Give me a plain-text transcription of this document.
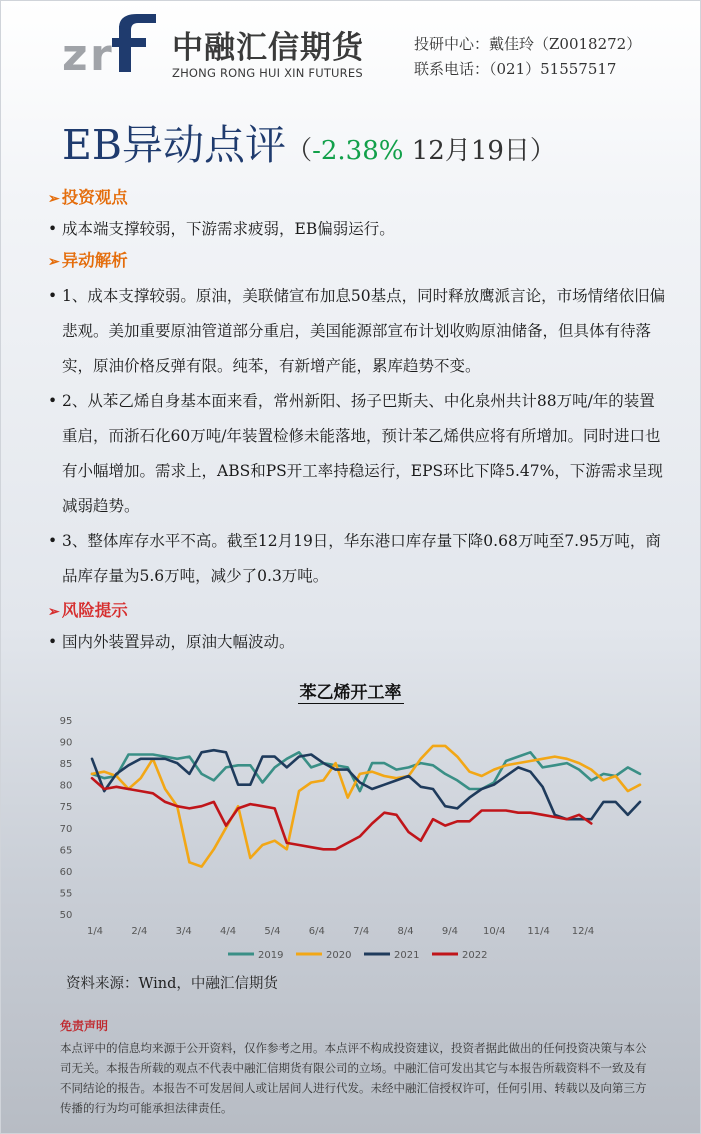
z r 中融汇信期货
ZHONG RONG HUI XIN FUTURES
投研中心：戴佳玲（Z0018272）
联系电话：（021）51557517
EB异动点评（-2.38% 12月19日）
➢ 投资观点
• 成本端支撑较弱，下游需求疲弱，EB偏弱运行。
➢ 异动解析
• 1、成本支撑较弱。原油，美联储宣布加息50基点，同时释放鹰派言论，市场情绪依旧偏悲观。美加重要原油管道部分重启，美国能源部宣布计划收购原油储备，但具体有待落实，原油价格反弹有限。纯苯，有新增产能，累库趋势不变。
• 2、从苯乙烯自身基本面来看，常州新阳、扬子巴斯夫、中化泉州共计88万吨/年的装置重启，而浙石化60万吨/年装置检修未能落地，预计苯乙烯供应将有所增加。同时进口也有小幅增加。需求上，ABS和PS开工率持稳运行，EPS环比下降5.47%，下游需求呈现减弱趋势。
• 3、整体库存水平不高。截至12月19日，华东港口库存量下降0.68万吨至7.95万吨，商品库存量为5.6万吨，减少了0.3万吨。
➢ 风险提示
• 国内外装置异动，原油大幅波动。
苯乙烯开工率
50
55
60
65
70
75
80
85
90
95
1/4	2/4	3/4	4/4	5/4	6/4	7/4	8/4	9/4	10/4 11/4 12/4
2019	2020	2021	2022
资料来源：Wind，中融汇信期货
免责声明
本点评中的信息均来源于公开资料，仅作参考之用。本点评不构成投资建议，投资者据此做出的任何投资决策与本公司无关。本报告所载的观点不代表中融汇信期货有限公司的立场。中融汇信可发出其它与本报告所载资料不一致及有不同结论的报告。本报告不可发居间人或让居间人进行代发。未经中融汇信授权许可，任何引用、转载以及向第三方传播的行为均可能承担法律责任。
